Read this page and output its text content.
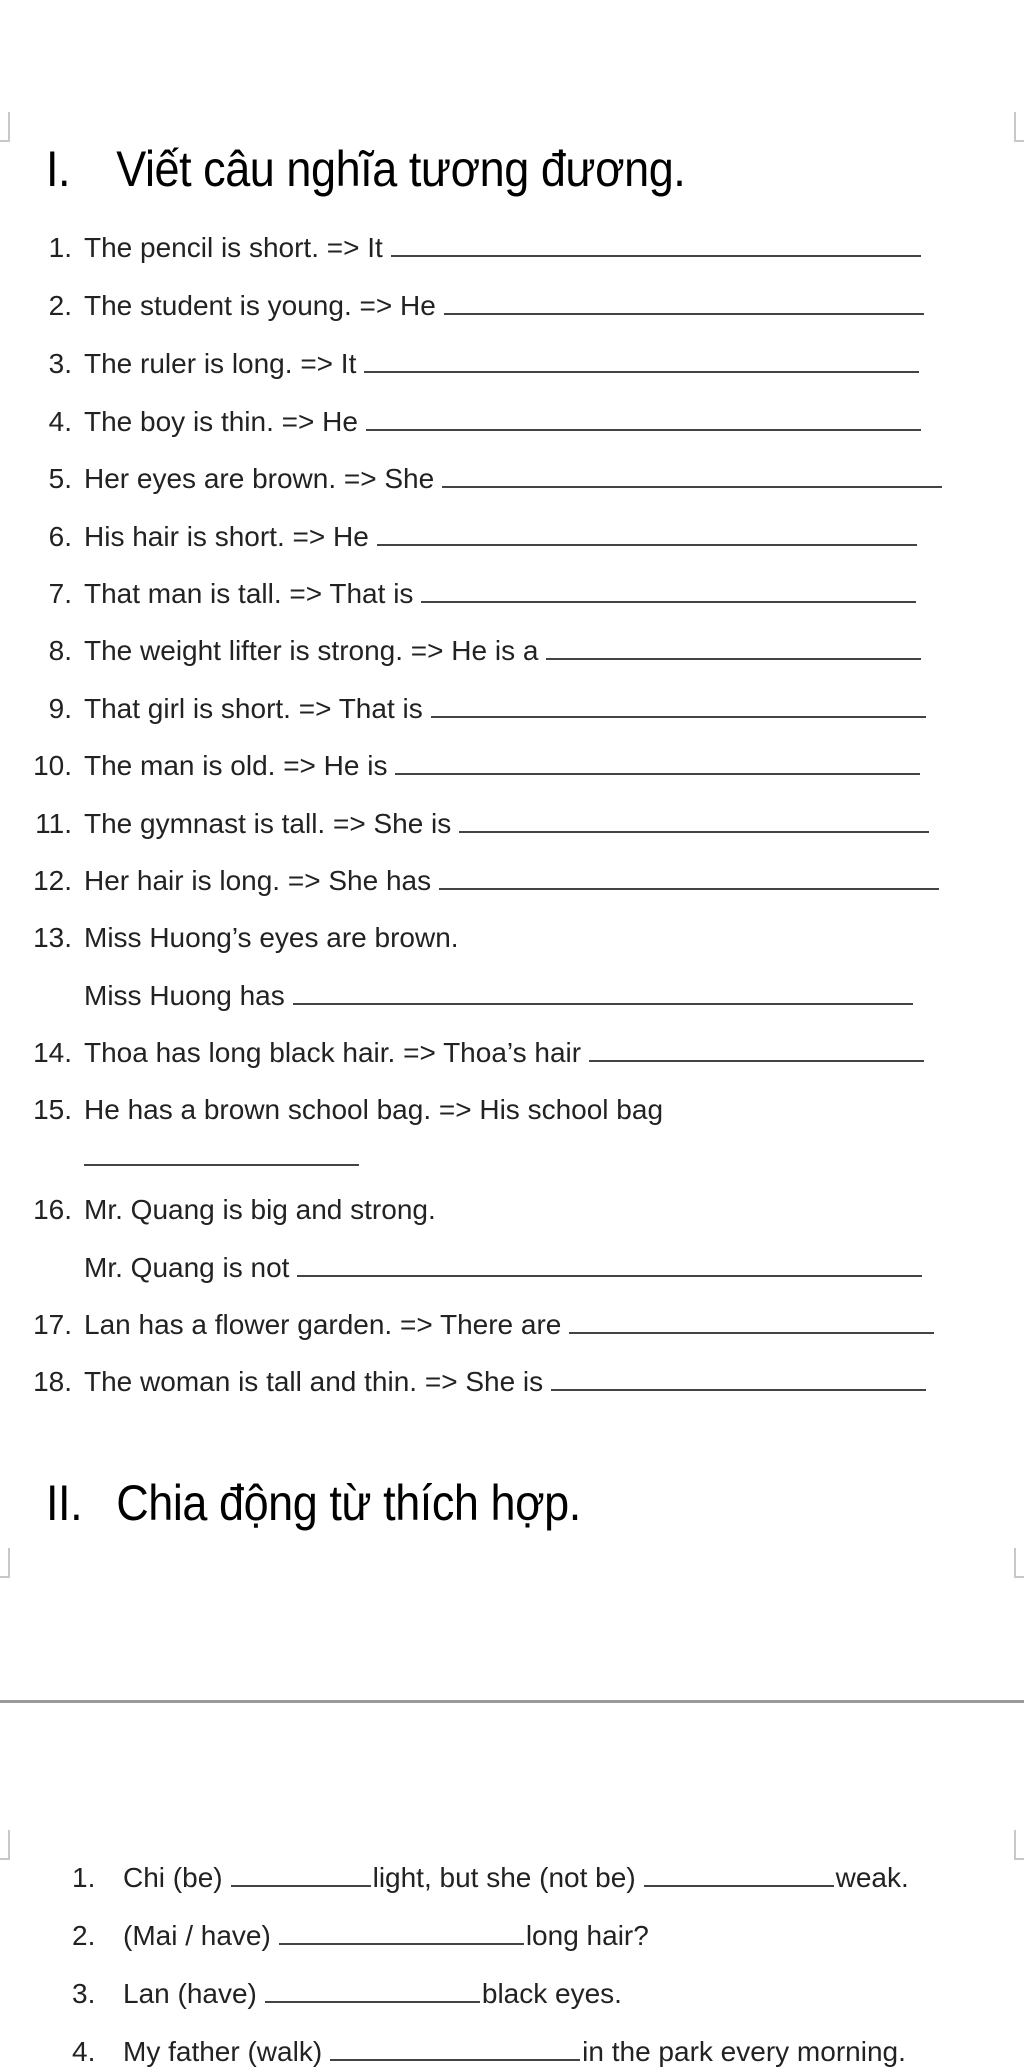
I. Viết câu nghĩa tương đương.
1. The pencil is short. => It
2. The student is young. => He
3. The ruler is long. => It
4. The boy is thin. => He
5. Her eyes are brown. => She
6. His hair is short. => He
7. That man is tall. => That is
8. The weight lifter is strong. => He is a
9. That girl is short. => That is
10. The man is old. => He is
11. The gymnast is tall. => She is
12. Her hair is long. => She has
13. Miss Huong’s eyes are brown.
Miss Huong has
14. Thoa has long black hair. => Thoa’s hair
15. He has a brown school bag. => His school bag
16. Mr. Quang is big and strong.
Mr. Quang is not
17. Lan has a flower garden. => There are
18. The woman is tall and thin. => She is
II. Chia động từ thích hợp.
1. Chi (be)	light, but she (not be)	weak.
2. (Mai / have)	long hair?
3. Lan (have)	black eyes.
4. My father (walk)	in the park every morning.
